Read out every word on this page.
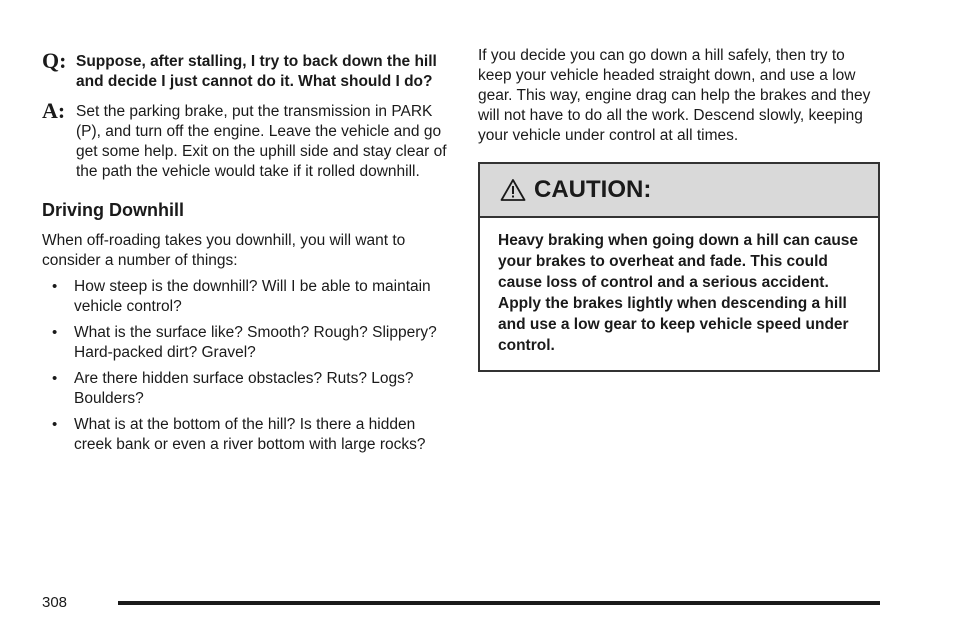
Q: Suppose, after stalling, I try to back down the hill and decide I just cannot do it. What should I do?
A: Set the parking brake, put the transmission in PARK (P), and turn off the engine. Leave the vehicle and go get some help. Exit on the uphill side and stay clear of the path the vehicle would take if it rolled downhill.
Driving Downhill

When off-roading takes you downhill, you will want to consider a number of things:

• How steep is the downhill? Will I be able to maintain vehicle control?
• What is the surface like? Smooth? Rough? Slippery? Hard-packed dirt? Gravel?
• Are there hidden surface obstacles? Ruts? Logs? Boulders?
• What is at the bottom of the hill? Is there a hidden creek bank or even a river bottom with large rocks?

If you decide you can go down a hill safely, then try to keep your vehicle headed straight down, and use a low gear. This way, engine drag can help the brakes and they will not have to do all the work. Descend slowly, keeping your vehicle under control at all times.

CAUTION:
Heavy braking when going down a hill can cause your brakes to overheat and fade. This could cause loss of control and a serious accident. Apply the brakes lightly when descending a hill and use a low gear to keep vehicle speed under control.
308
